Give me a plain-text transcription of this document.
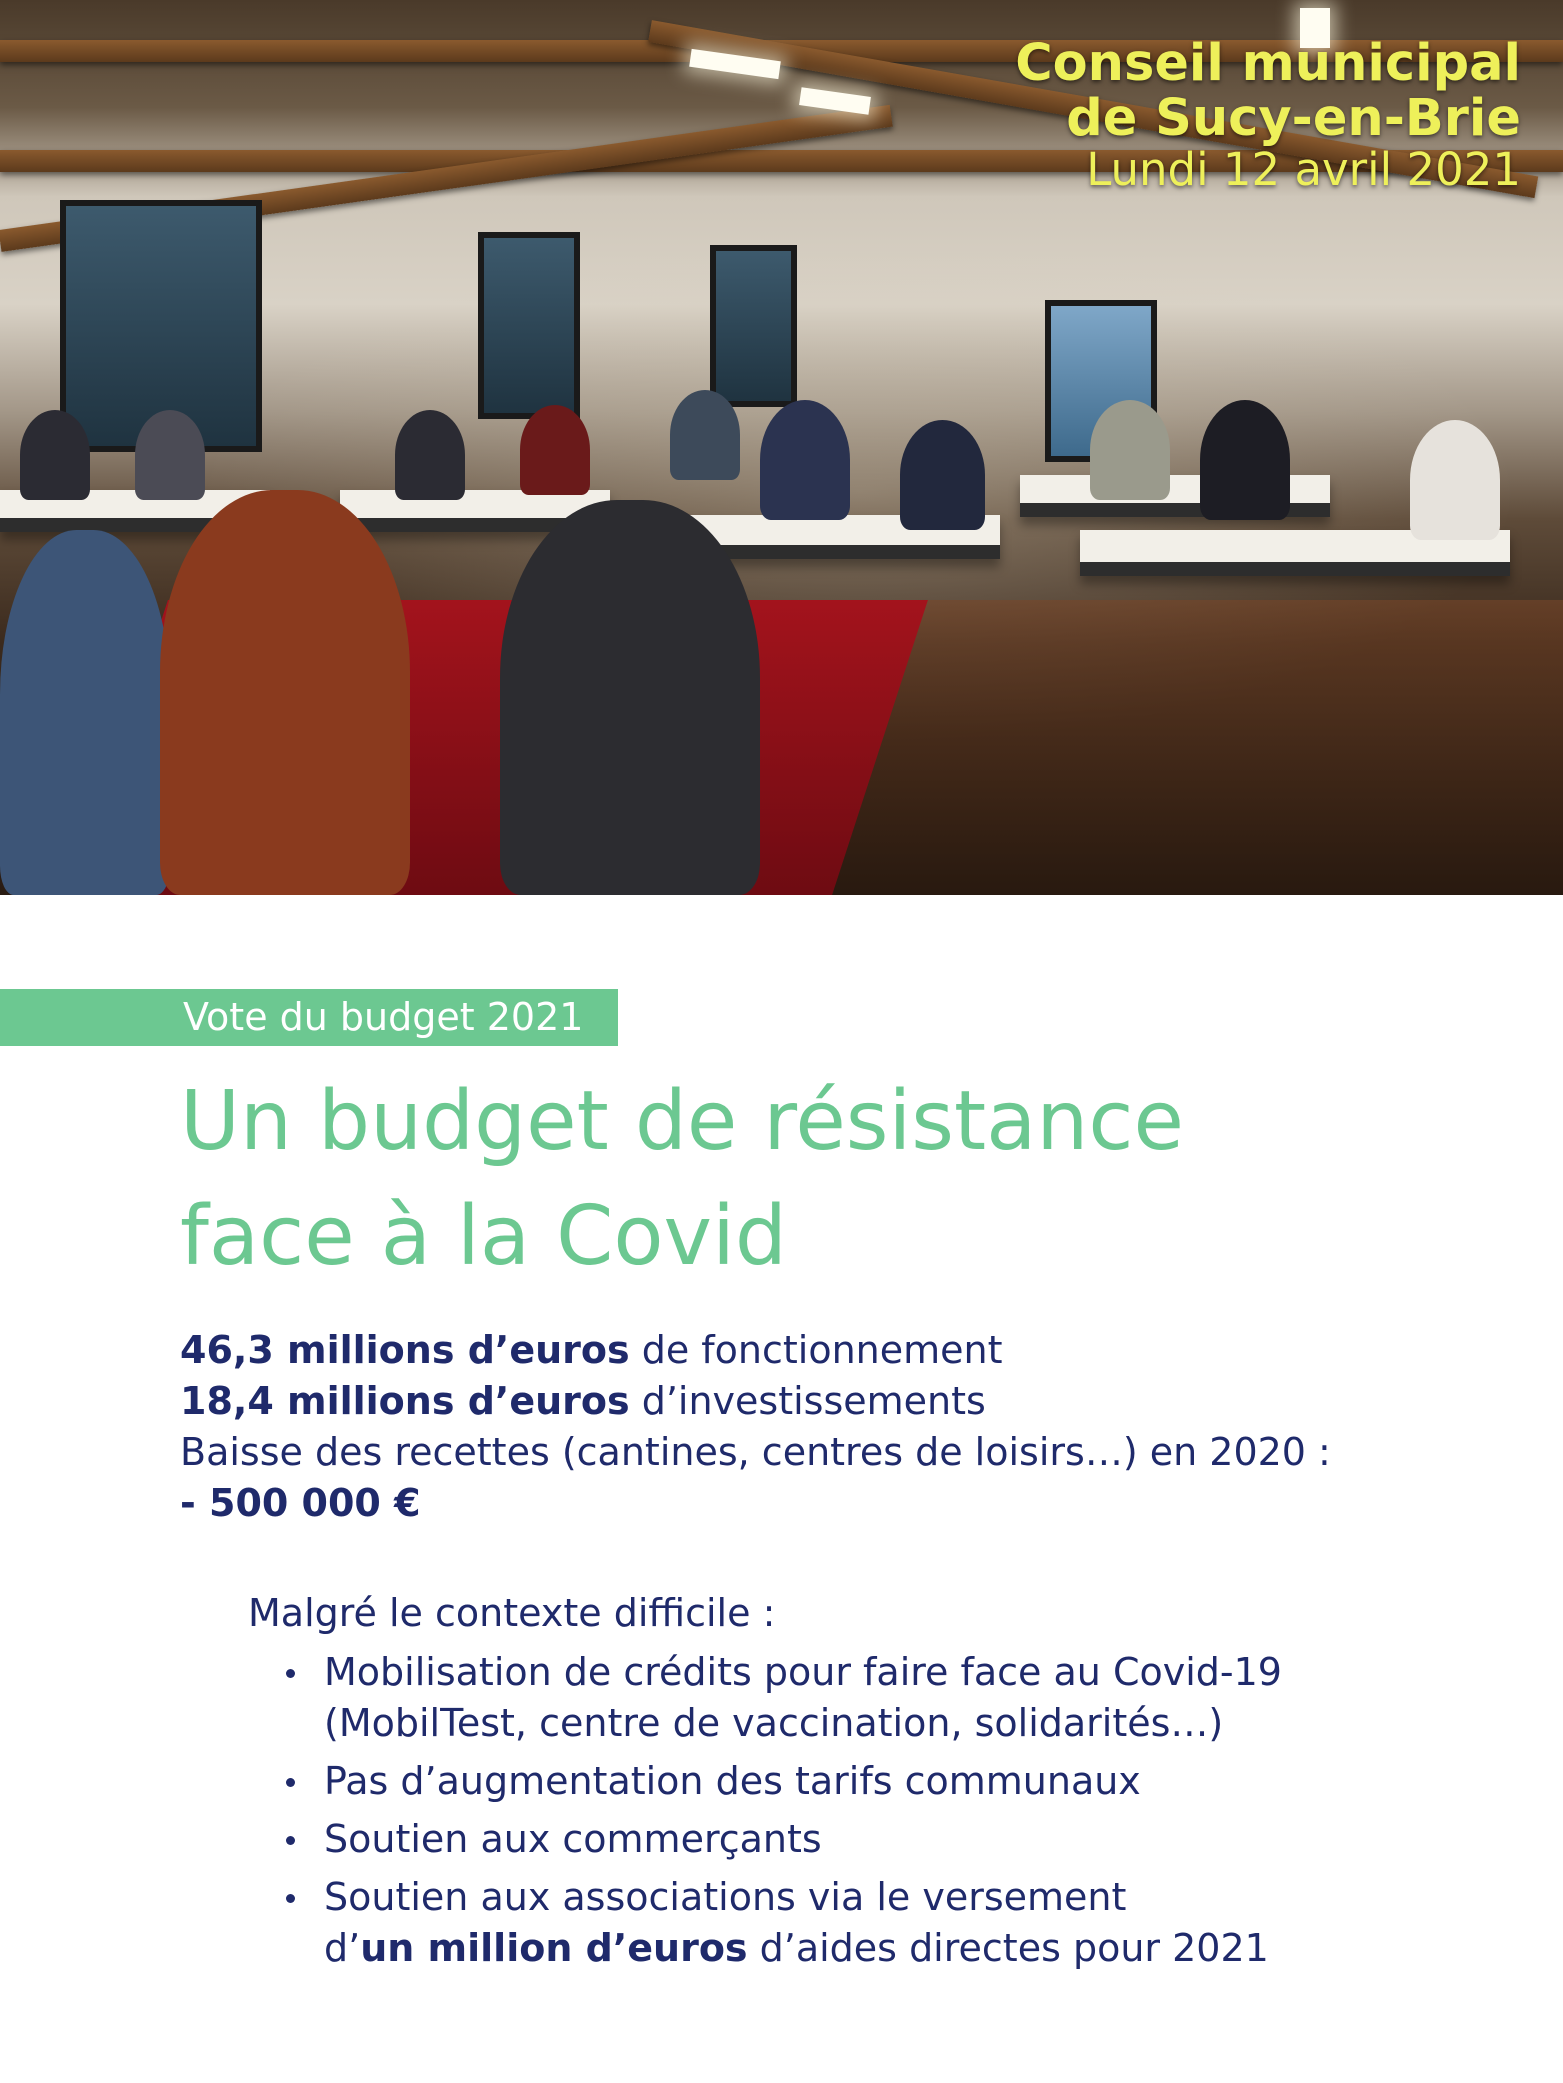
Conseil municipal
de Sucy-en-Brie
Lundi 12 avril 2021
Vote du budget 2021
Un budget de résistance
face à la Covid
46,3 millions d’euros de fonctionnement
18,4 millions d’euros d’investissements
Baisse des recettes (cantines, centres de loisirs…) en 2020 :
- 500 000 €
Malgré le contexte difficile :
Mobilisation de crédits pour faire face au Covid-19
(MobilTest, centre de vaccination, solidarités…)
Pas d’augmentation des tarifs communaux
Soutien aux commerçants
Soutien aux associations via le versement
d’un million d’euros d’aides directes pour 2021
